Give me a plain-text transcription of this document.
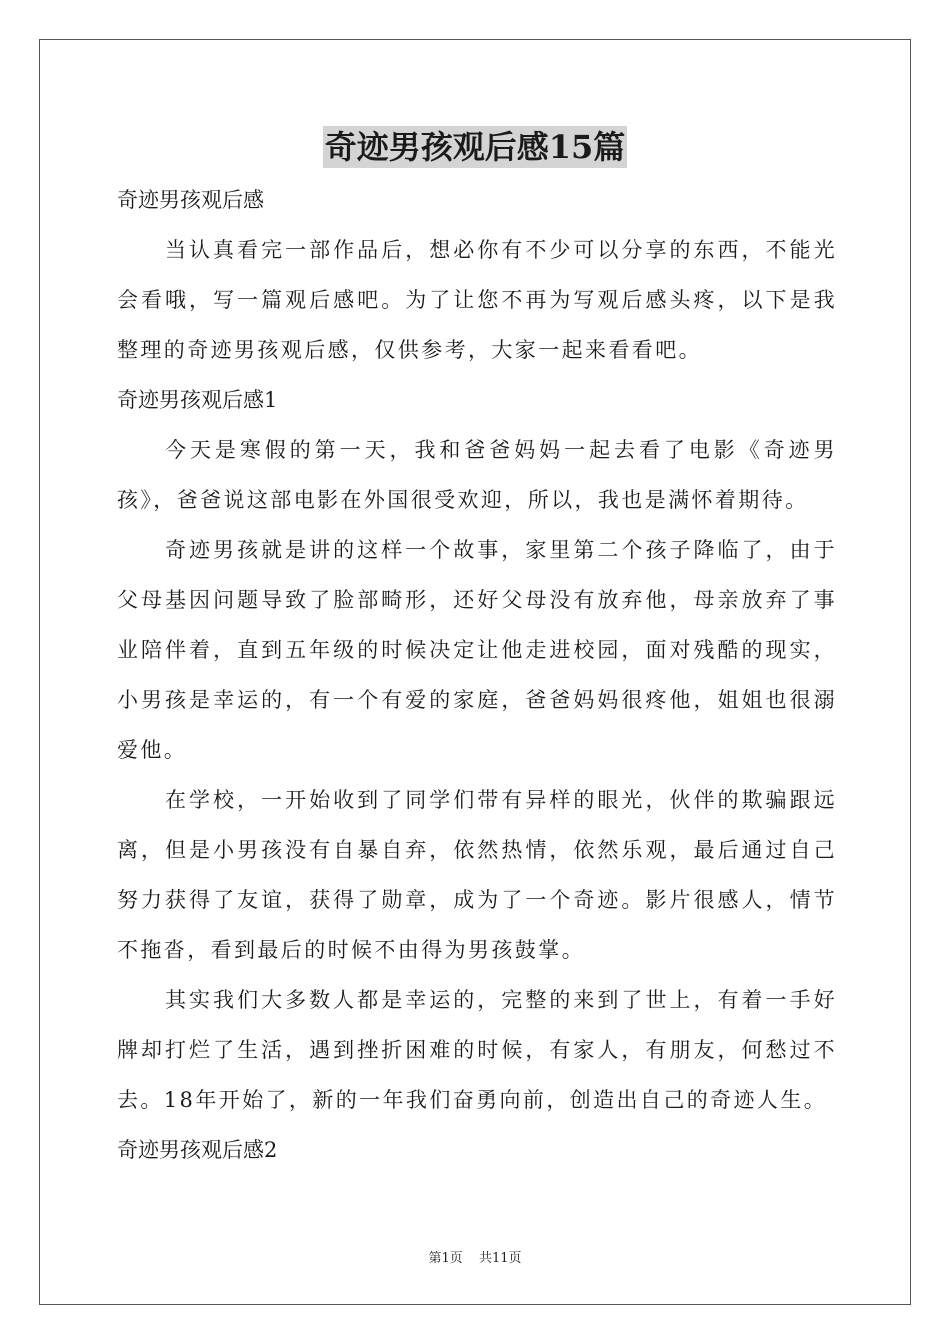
奇迹男孩观后感15篇

奇迹男孩观后感

当认真看完一部作品后，想必你有不少可以分享的东西，不能光会看哦，写一篇观后感吧。为了让您不再为写观后感头疼，以下是我整理的奇迹男孩观后感，仅供参考，大家一起来看看吧。

奇迹男孩观后感1

今天是寒假的第一天，我和爸爸妈妈一起去看了电影《奇迹男孩》，爸爸说这部电影在外国很受欢迎，所以，我也是满怀着期待。

奇迹男孩就是讲的这样一个故事，家里第二个孩子降临了，由于父母基因问题导致了脸部畸形，还好父母没有放弃他，母亲放弃了事业陪伴着，直到五年级的时候决定让他走进校园，面对残酷的现实，小男孩是幸运的，有一个有爱的家庭，爸爸妈妈很疼他，姐姐也很溺爱他。

在学校，一开始收到了同学们带有异样的眼光，伙伴的欺骗跟远离，但是小男孩没有自暴自弃，依然热情，依然乐观，最后通过自己努力获得了友谊，获得了勋章，成为了一个奇迹。影片很感人，情节不拖沓，看到最后的时候不由得为男孩鼓掌。

其实我们大多数人都是幸运的，完整的来到了世上，有着一手好牌却打烂了生活，遇到挫折困难的时候，有家人，有朋友，何愁过不去。18年开始了，新的一年我们奋勇向前，创造出自己的奇迹人生。

奇迹男孩观后感2

第1页 共11页
